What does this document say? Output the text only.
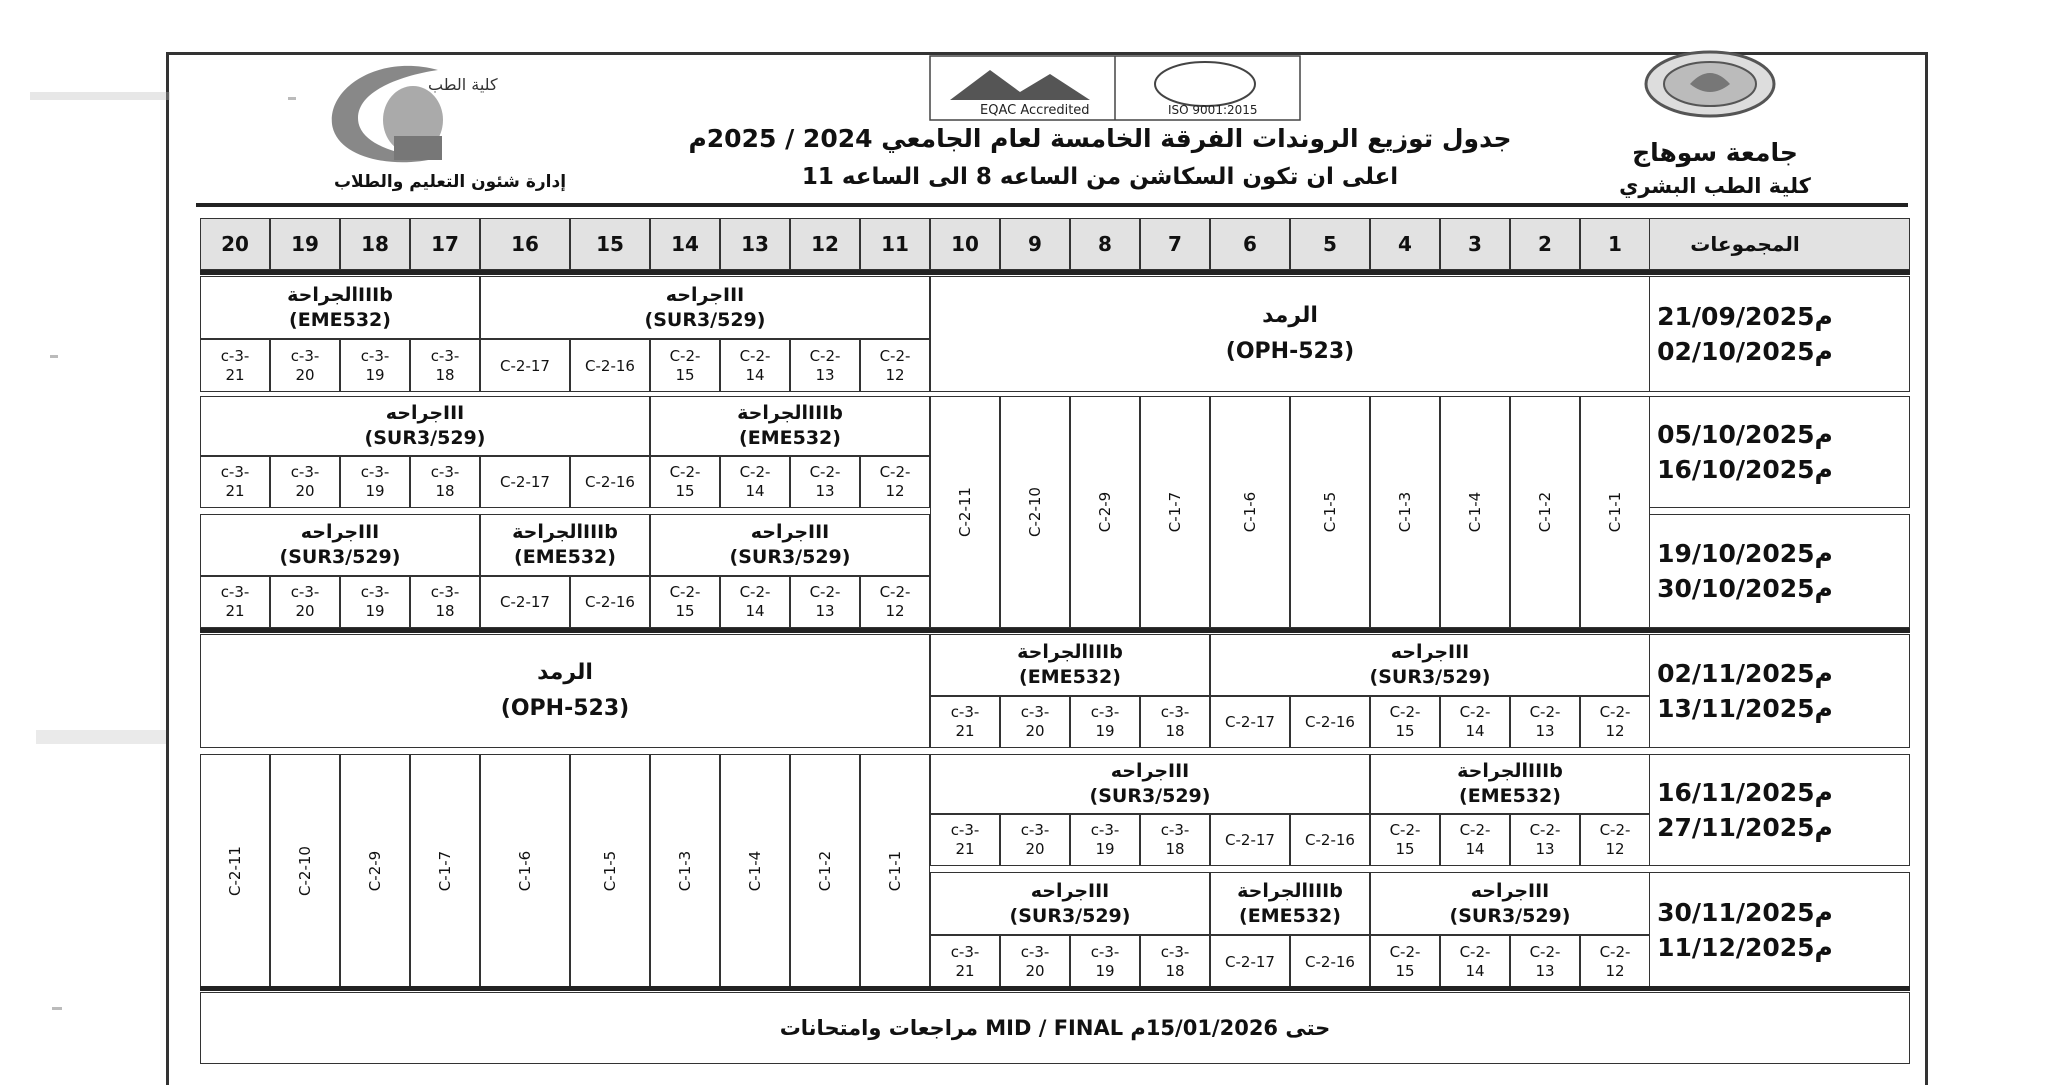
كلية الطب
إدارة شئون التعليم والطلاب
EQAC Accredited	ISO 9001:2015
جدول توزيع الروندات الفرقة الخامسة لعام الجامعي 2024 / 2025م
اعلى ان تكون السكاشن من الساعه 8 الى الساعه 11
جامعة سوهاج
كلية الطب البشري
المجموعات
1
2
3
4
5
6
7
8
9
10
11
12
13
14
15
16
17
18
19
20
21/09/2025م
02/10/2025م
الرمد
(OPH-523)
جراحهIII
(SUR3/529)
C-2-
12
C-2-
13
C-2-
14
C-2-
15
C-2-16
C-2-17
الجراحةIIIb
(EME532)
c-3-
18
c-3-
19
c-3-
20
c-3-
21
05/10/2025م
16/10/2025م
الجراحةIIIb
(EME532)
C-2-
12
C-2-
13
C-2-
14
C-2-
15
جراحهIII
(SUR3/529)
C-2-16
C-2-17
c-3-
18
c-3-
19
c-3-
20
c-3-
21
19/10/2025م
30/10/2025م
جراحهIII
(SUR3/529)
C-2-
12
C-2-
13
C-2-
14
C-2-
15
الجراحةIIIb
(EME532)
C-2-16
C-2-17
جراحهIII
(SUR3/529)
c-3-
18
c-3-
19
c-3-
20
c-3-
21
02/11/2025م
13/11/2025م
جراحهIII
(SUR3/529)
C-2-
12
C-2-
13
C-2-
14
C-2-
15
C-2-16
C-2-17
الجراحةIIIb
(EME532)
c-3-
18
c-3-
19
c-3-
20
c-3-
21
الرمد
(OPH-523)
16/11/2025م
27/11/2025م
الجراحةIIIb
(EME532)
C-2-
12
C-2-
13
C-2-
14
C-2-
15
جراحهIII
(SUR3/529)
C-2-16
C-2-17
c-3-
18
c-3-
19
c-3-
20
c-3-
21
30/11/2025م
11/12/2025م
جراحهIII
(SUR3/529)
C-2-
12
C-2-
13
C-2-
14
C-2-
15
الجراحةIIIb
(EME532)
C-2-16
C-2-17
جراحهIII
(SUR3/529)
c-3-
18
c-3-
19
c-3-
20
c-3-
21
C-1-1
C-1-2
C-1-4
C-1-3
C-1-5
C-1-6
C-1-7
C-2-9
C-2-10
C-2-11
C-1-1
C-1-2
C-1-4
C-1-3
C-1-5
C-1-6
C-1-7
C-2-9
C-2-10
C-2-11
مراجعات وامتحانات MID / FINAL حتى 15/01/2026م
